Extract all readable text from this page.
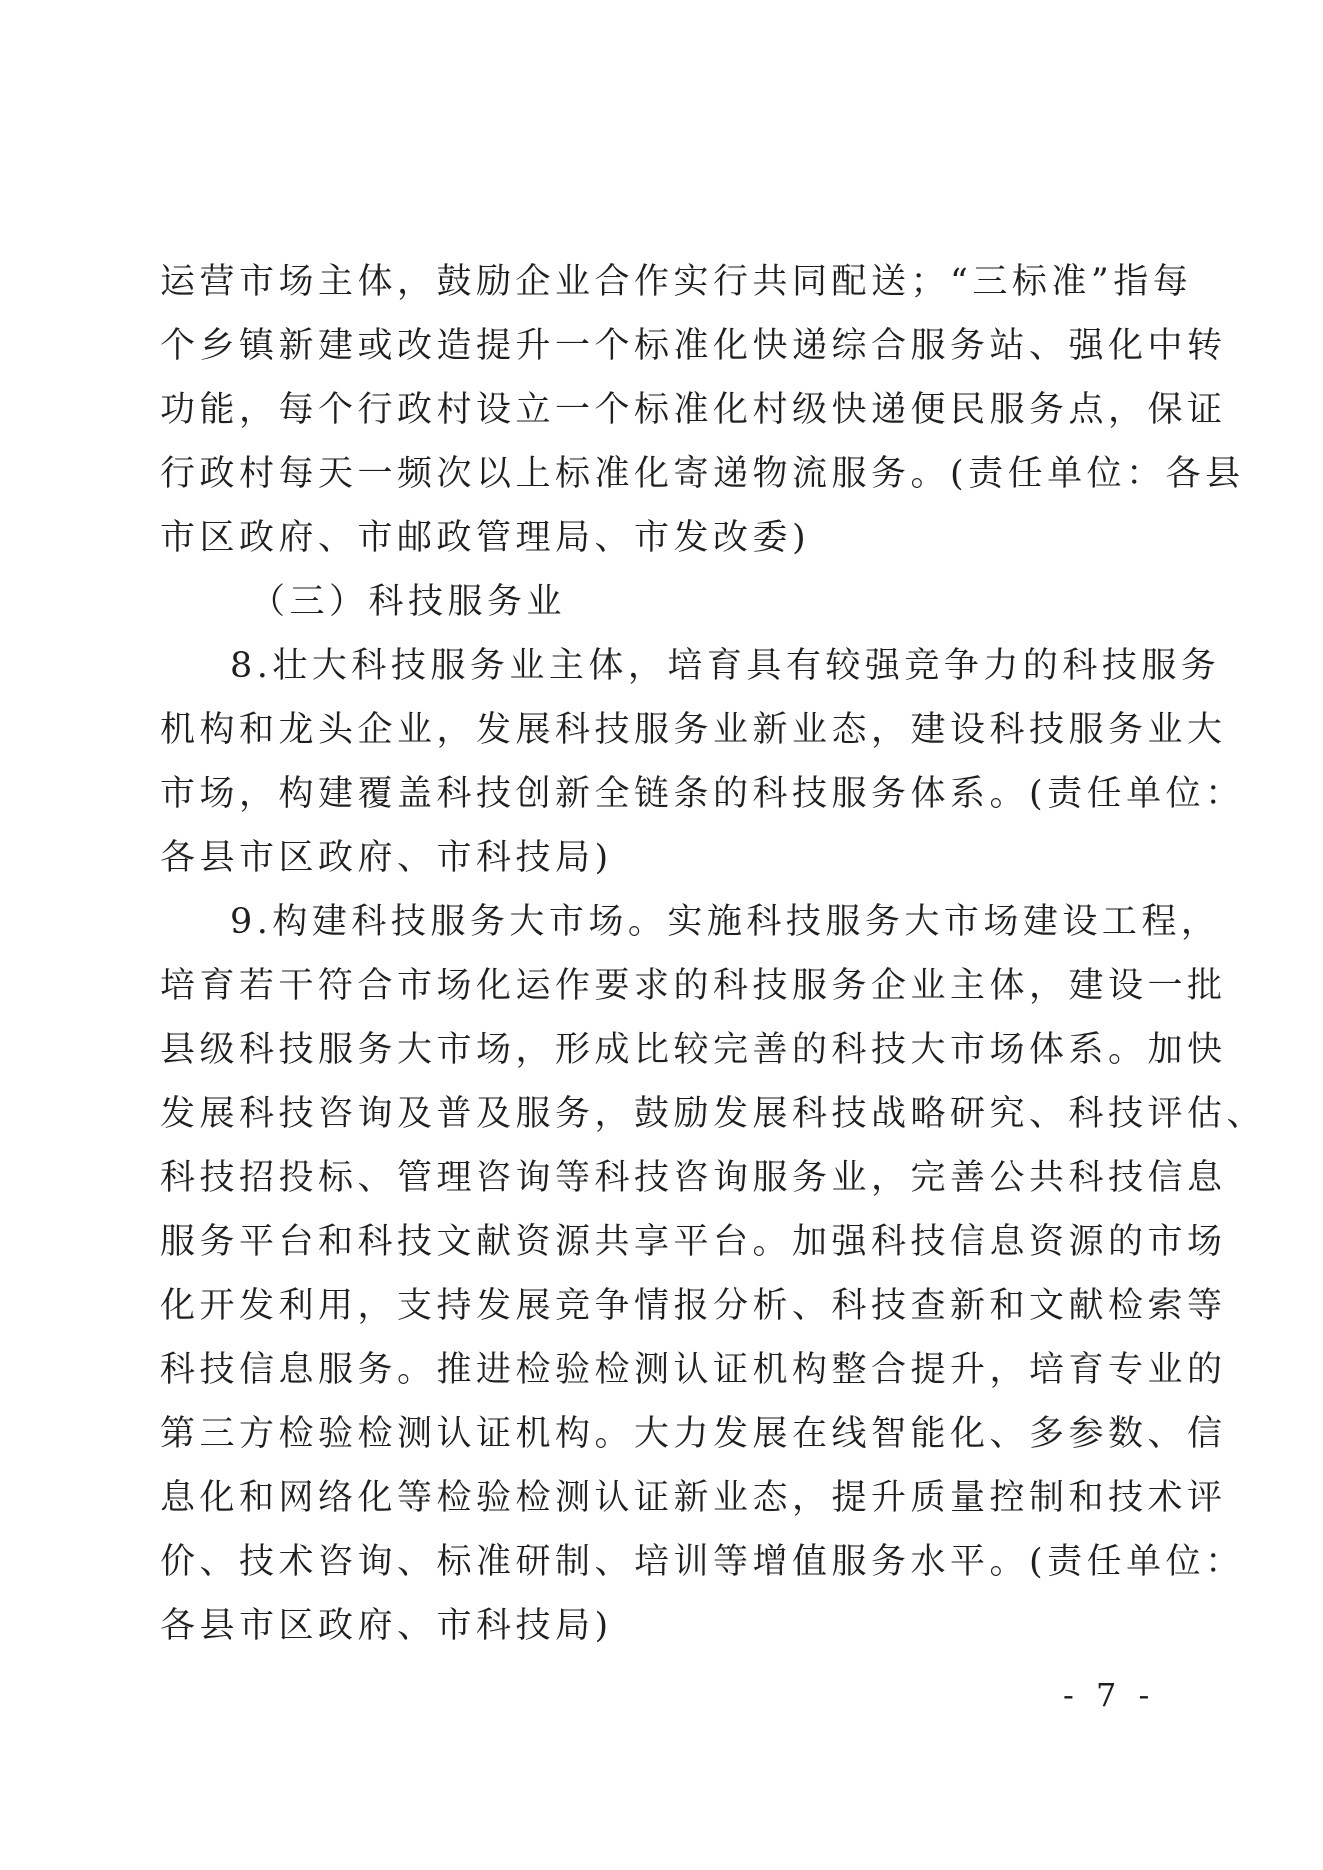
运营市场主体，鼓励企业合作实行共同配送；“三标准”指每
个乡镇新建或改造提升一个标准化快递综合服务站、强化中转
功能，每个行政村设立一个标准化村级快递便民服务点，保证
行政村每天一频次以上标准化寄递物流服务。(责任单位：各县
市区政府、市邮政管理局、市发改委)
（三）科技服务业
8.壮大科技服务业主体，培育具有较强竞争力的科技服务
机构和龙头企业，发展科技服务业新业态，建设科技服务业大
市场，构建覆盖科技创新全链条的科技服务体系。(责任单位：
各县市区政府、市科技局)
9.构建科技服务大市场。实施科技服务大市场建设工程，
培育若干符合市场化运作要求的科技服务企业主体，建设一批
县级科技服务大市场，形成比较完善的科技大市场体系。加快
发展科技咨询及普及服务，鼓励发展科技战略研究、科技评估、
科技招投标、管理咨询等科技咨询服务业，完善公共科技信息
服务平台和科技文献资源共享平台。加强科技信息资源的市场
化开发利用，支持发展竞争情报分析、科技查新和文献检索等
科技信息服务。推进检验检测认证机构整合提升，培育专业的
第三方检验检测认证机构。大力发展在线智能化、多参数、信
息化和网络化等检验检测认证新业态，提升质量控制和技术评
价、技术咨询、标准研制、培训等增值服务水平。(责任单位：
各县市区政府、市科技局)
- 7 -
